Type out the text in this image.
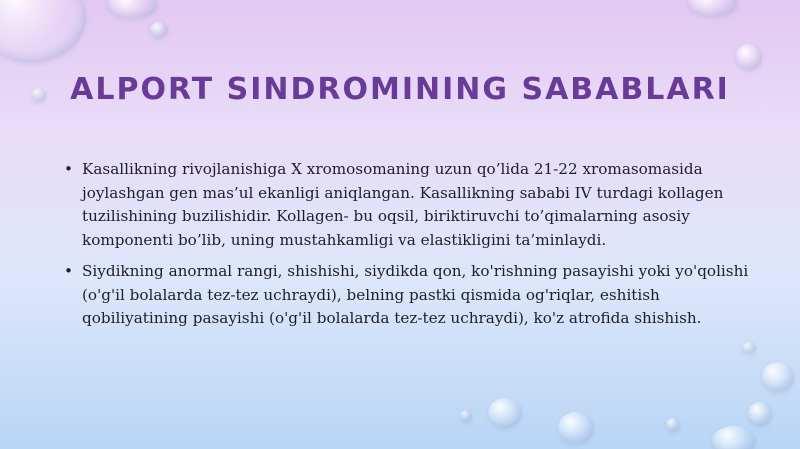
ALPORT SINDROMINING SABABLARI
• Kasallikning rivojlanishiga X xromosomaning uzun qo’lida 21-22 xromasomasida joylashgan gen mas’ul ekanligi aniqlangan. Kasallikning sababi IV turdagi kollagen tuzilishining buzilishidir. Kollagen- bu oqsil, biriktiruvchi to’qimalarning asosiy komponenti bo’lib, uning mustahkamligi va elastikligini ta’minlaydi.
• Siydikning anormal rangi, shishishi, siydikda qon, ko'rishning pasayishi yoki yo'qolishi (o'g'il bolalarda tez-tez uchraydi), belning pastki qismida og'riqlar, eshitish qobiliyatining pasayishi (o'g'il bolalarda tez-tez uchraydi), ko'z atrofida shishish.
